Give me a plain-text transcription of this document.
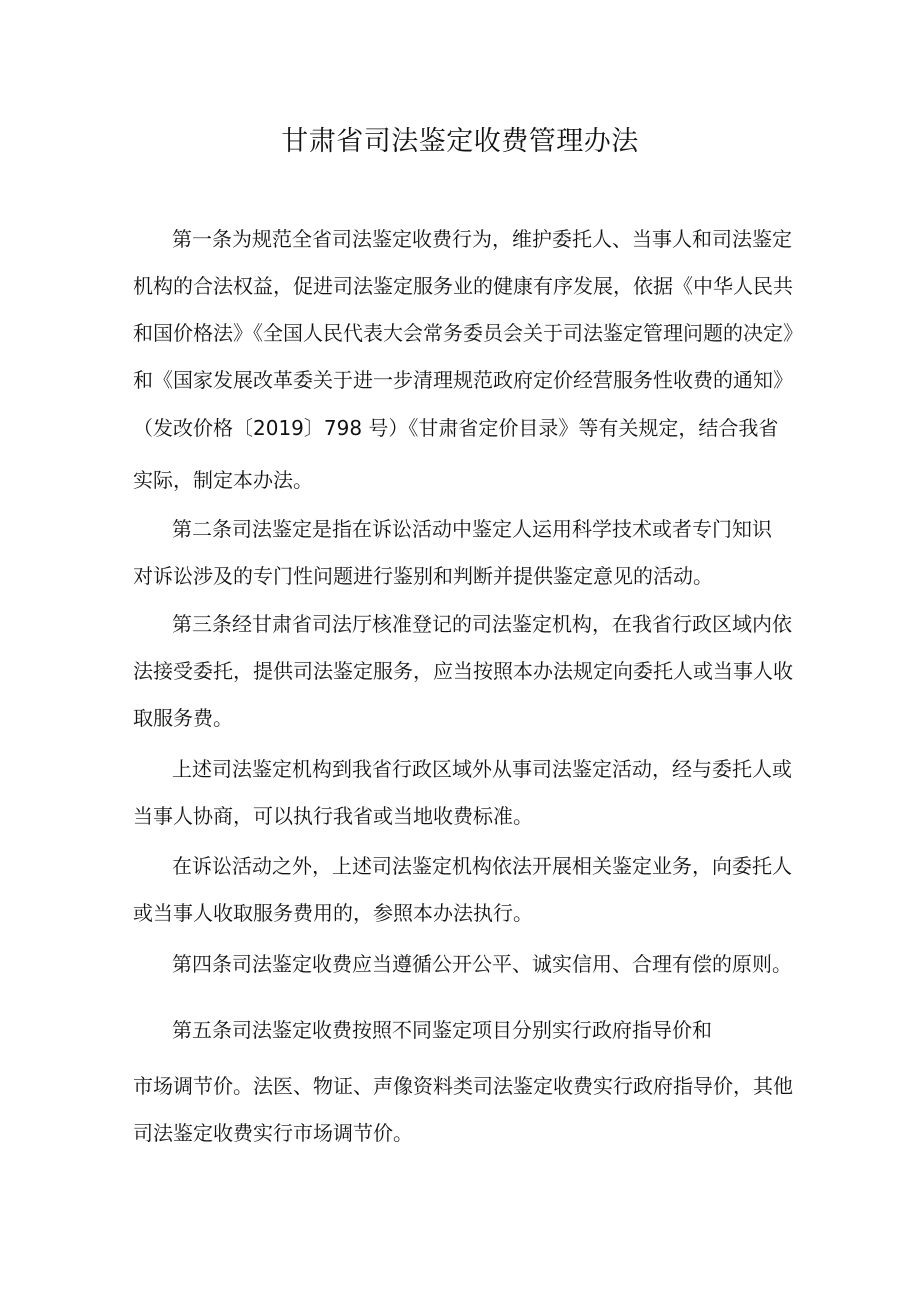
甘肃省司法鉴定收费管理办法
第一条为规范全省司法鉴定收费行为，维护委托人、当事人和司法鉴定
机构的合法权益，促进司法鉴定服务业的健康有序发展，依据《中华人民共
和国价格法》《全国人民代表大会常务委员会关于司法鉴定管理问题的决定》
和《国家发展改革委关于进一步清理规范政府定价经营服务性收费的通知》
（发改价格〔2019〕798 号）《甘肃省定价目录》等有关规定，结合我省
实际，制定本办法。
第二条司法鉴定是指在诉讼活动中鉴定人运用科学技术或者专门知识
对诉讼涉及的专门性问题进行鉴别和判断并提供鉴定意见的活动。
第三条经甘肃省司法厅核准登记的司法鉴定机构，在我省行政区域内依
法接受委托，提供司法鉴定服务，应当按照本办法规定向委托人或当事人收
取服务费。
上述司法鉴定机构到我省行政区域外从事司法鉴定活动，经与委托人或
当事人协商，可以执行我省或当地收费标准。
在诉讼活动之外，上述司法鉴定机构依法开展相关鉴定业务，向委托人
或当事人收取服务费用的，参照本办法执行。
第四条司法鉴定收费应当遵循公开公平、诚实信用、合理有偿的原则。
第五条司法鉴定收费按照不同鉴定项目分别实行政府指导价和
市场调节价。法医、物证、声像资料类司法鉴定收费实行政府指导价，其他
司法鉴定收费实行市场调节价。
